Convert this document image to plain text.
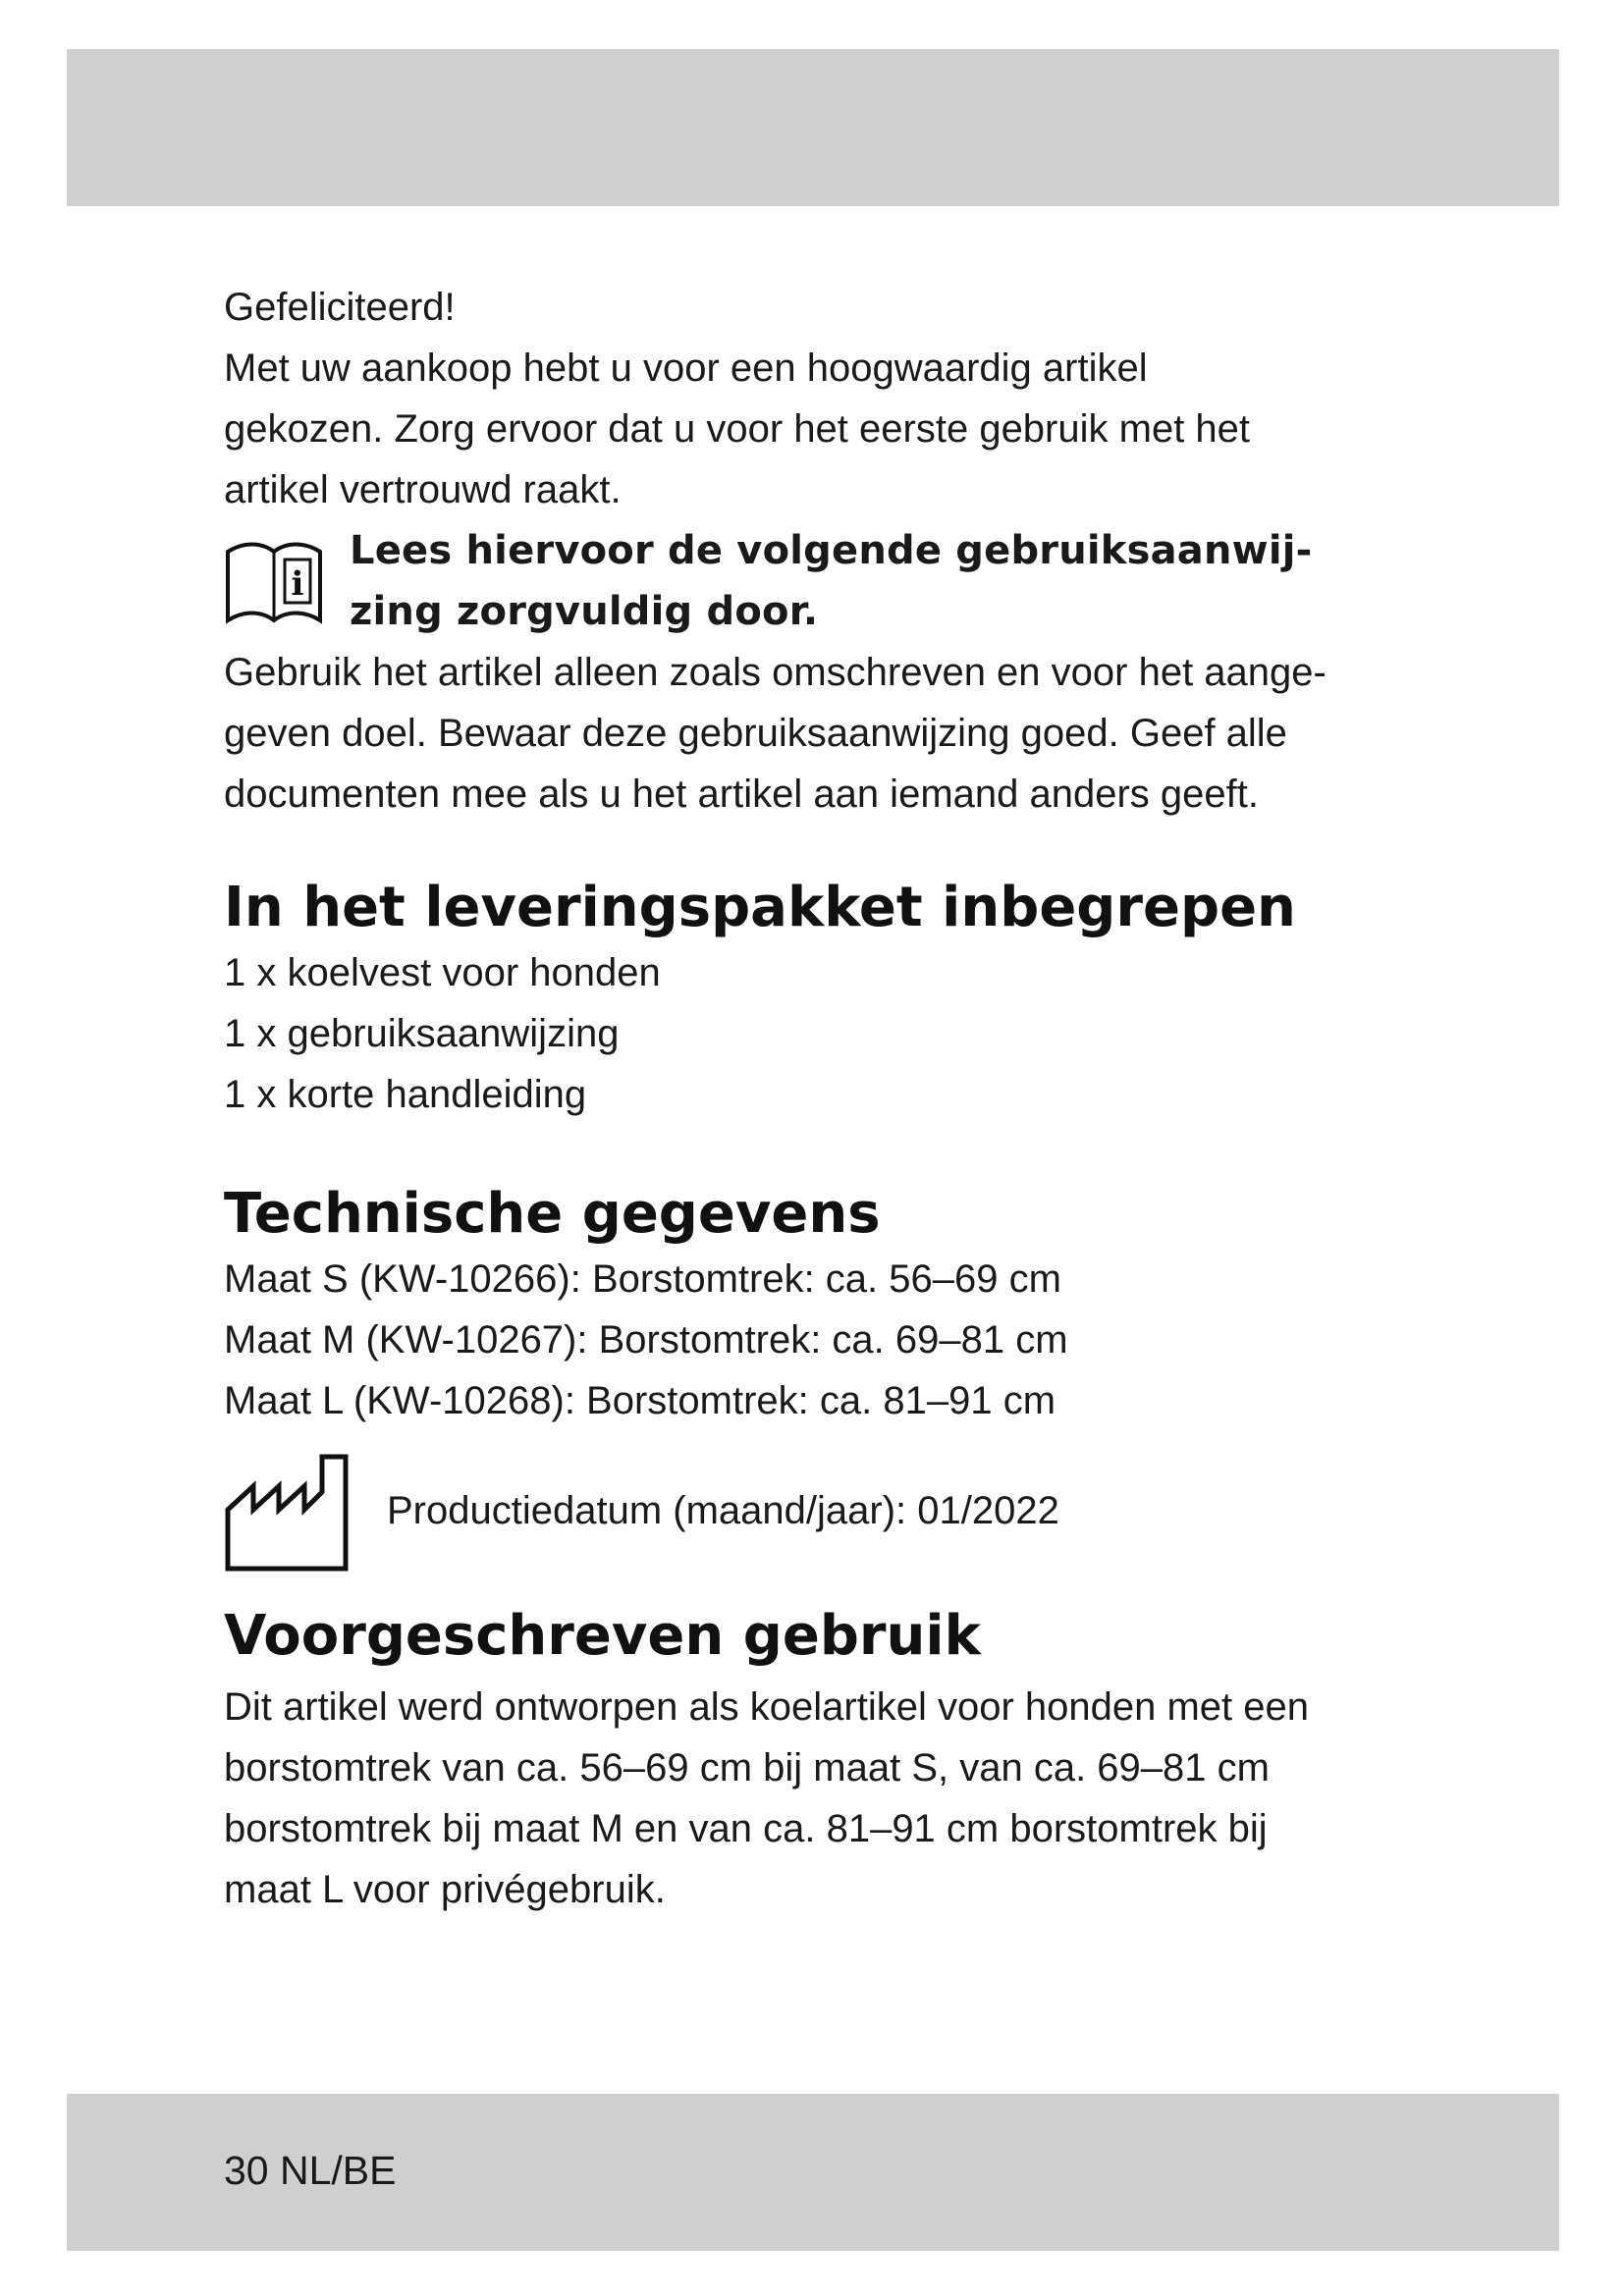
Gefeliciteerd!

Met uw aankoop hebt u voor een hoogwaardig artikel

gekozen. Zorg ervoor dat u voor het eerste gebruik met het

artikel vertrouwd raakt.

i
Lees hiervoor de volgende gebruiksaanwij-
zing zorgvuldig door.

Gebruik het artikel alleen zoals omschreven en voor het aange-

geven doel. Bewaar deze gebruiksaanwijzing goed. Geef alle

documenten mee als u het artikel aan iemand anders geeft.

In het leveringspakket inbegrepen

1 x koelvest voor honden

1 x gebruiksaanwijzing

1 x korte handleiding

Technische gegevens

Maat S (KW-10266): Borstomtrek: ca. 56–69 cm

Maat M (KW-10267): Borstomtrek: ca. 69–81 cm

Maat L (KW-10268): Borstomtrek: ca. 81–91 cm

Productiedatum (maand/jaar): 01/2022
Voorgeschreven gebruik

Dit artikel werd ontworpen als koelartikel voor honden met een

borstomtrek van ca. 56–69 cm bij maat S, van ca. 69–81 cm

borstomtrek bij maat M en van ca. 81–91 cm borstomtrek bij

maat L voor privégebruik.

30 NL/BE
